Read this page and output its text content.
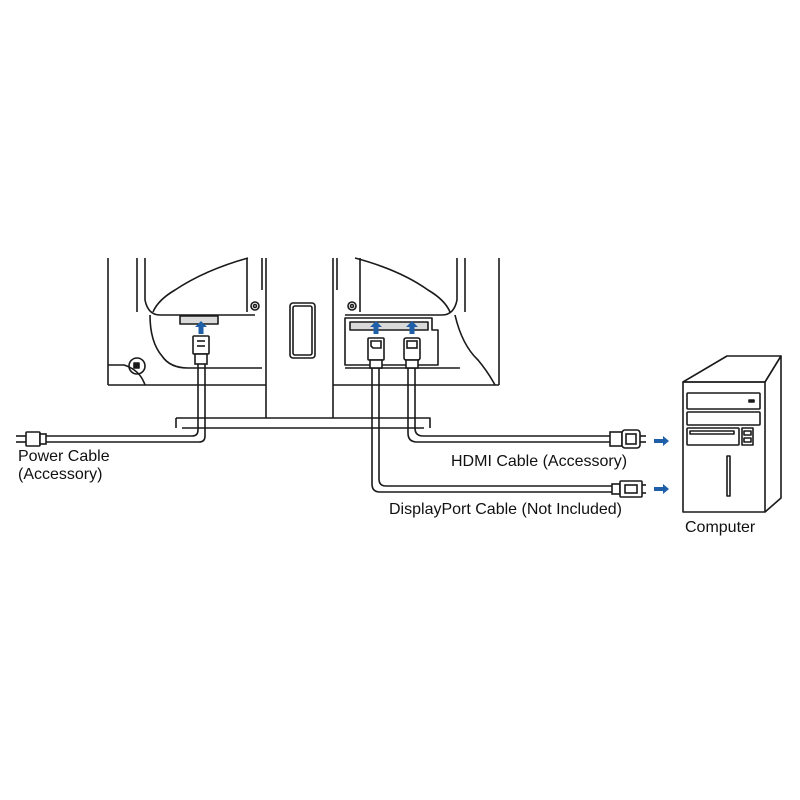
Power Cable
(Accessory)
HDMI Cable (Accessory)
DisplayPort Cable (Not Included)
Computer
